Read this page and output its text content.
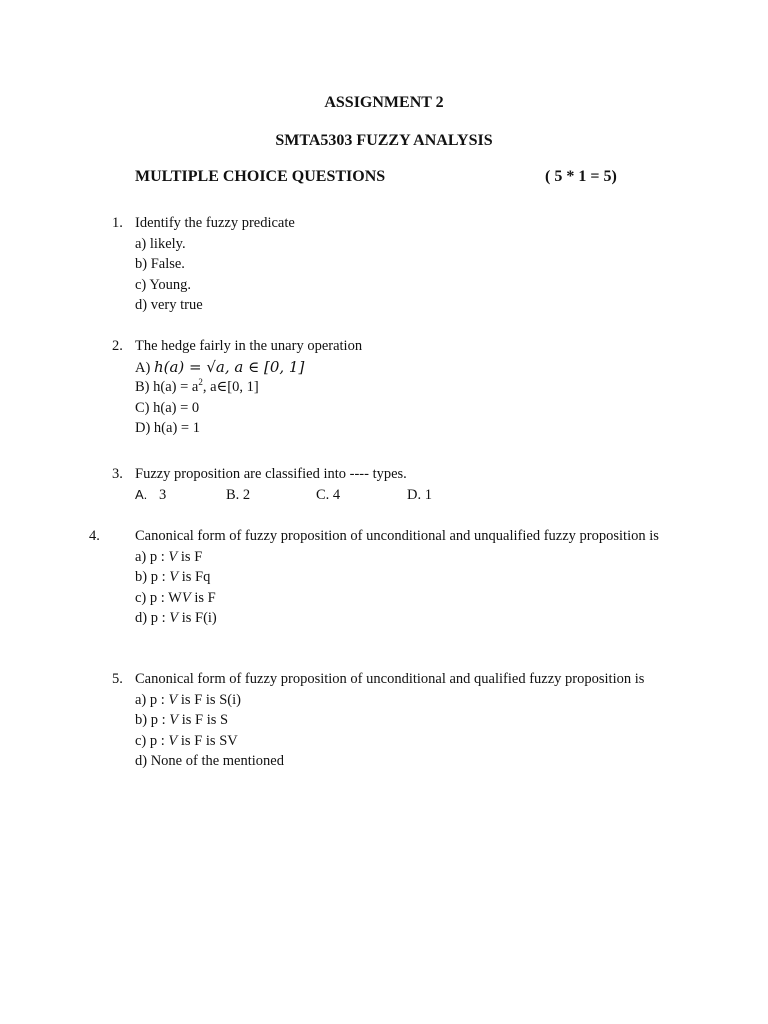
ASSIGNMENT 2
SMTA5303 FUZZY ANALYSIS
MULTIPLE CHOICE QUESTIONS	( 5 * 1 = 5)
1. Identify the fuzzy predicate
a) likely.
b) False.
c) Young.
d) very true
2. The hedge fairly in the unary operation
A) h(a) = √a, a ∈ [0, 1]
B) $h(a) = a^2$, a∈[0, 1]
C) h(a) = 0
D) h(a) = 1
3. Fuzzy proposition are classified into ---- types.
A. 3	B. 2	C. 4	D. 1
4. Canonical form of fuzzy proposition of unconditional and unqualified fuzzy proposition is
a) p : V is F
b) p : V is Fq
c) p : WV is F
d) p : V is F(i)
5. Canonical form of fuzzy proposition of unconditional and qualified fuzzy proposition is
a) p : V is F is S(i)
b) p : V is F is S
c) p : V is F is SV
d) None of the mentioned
